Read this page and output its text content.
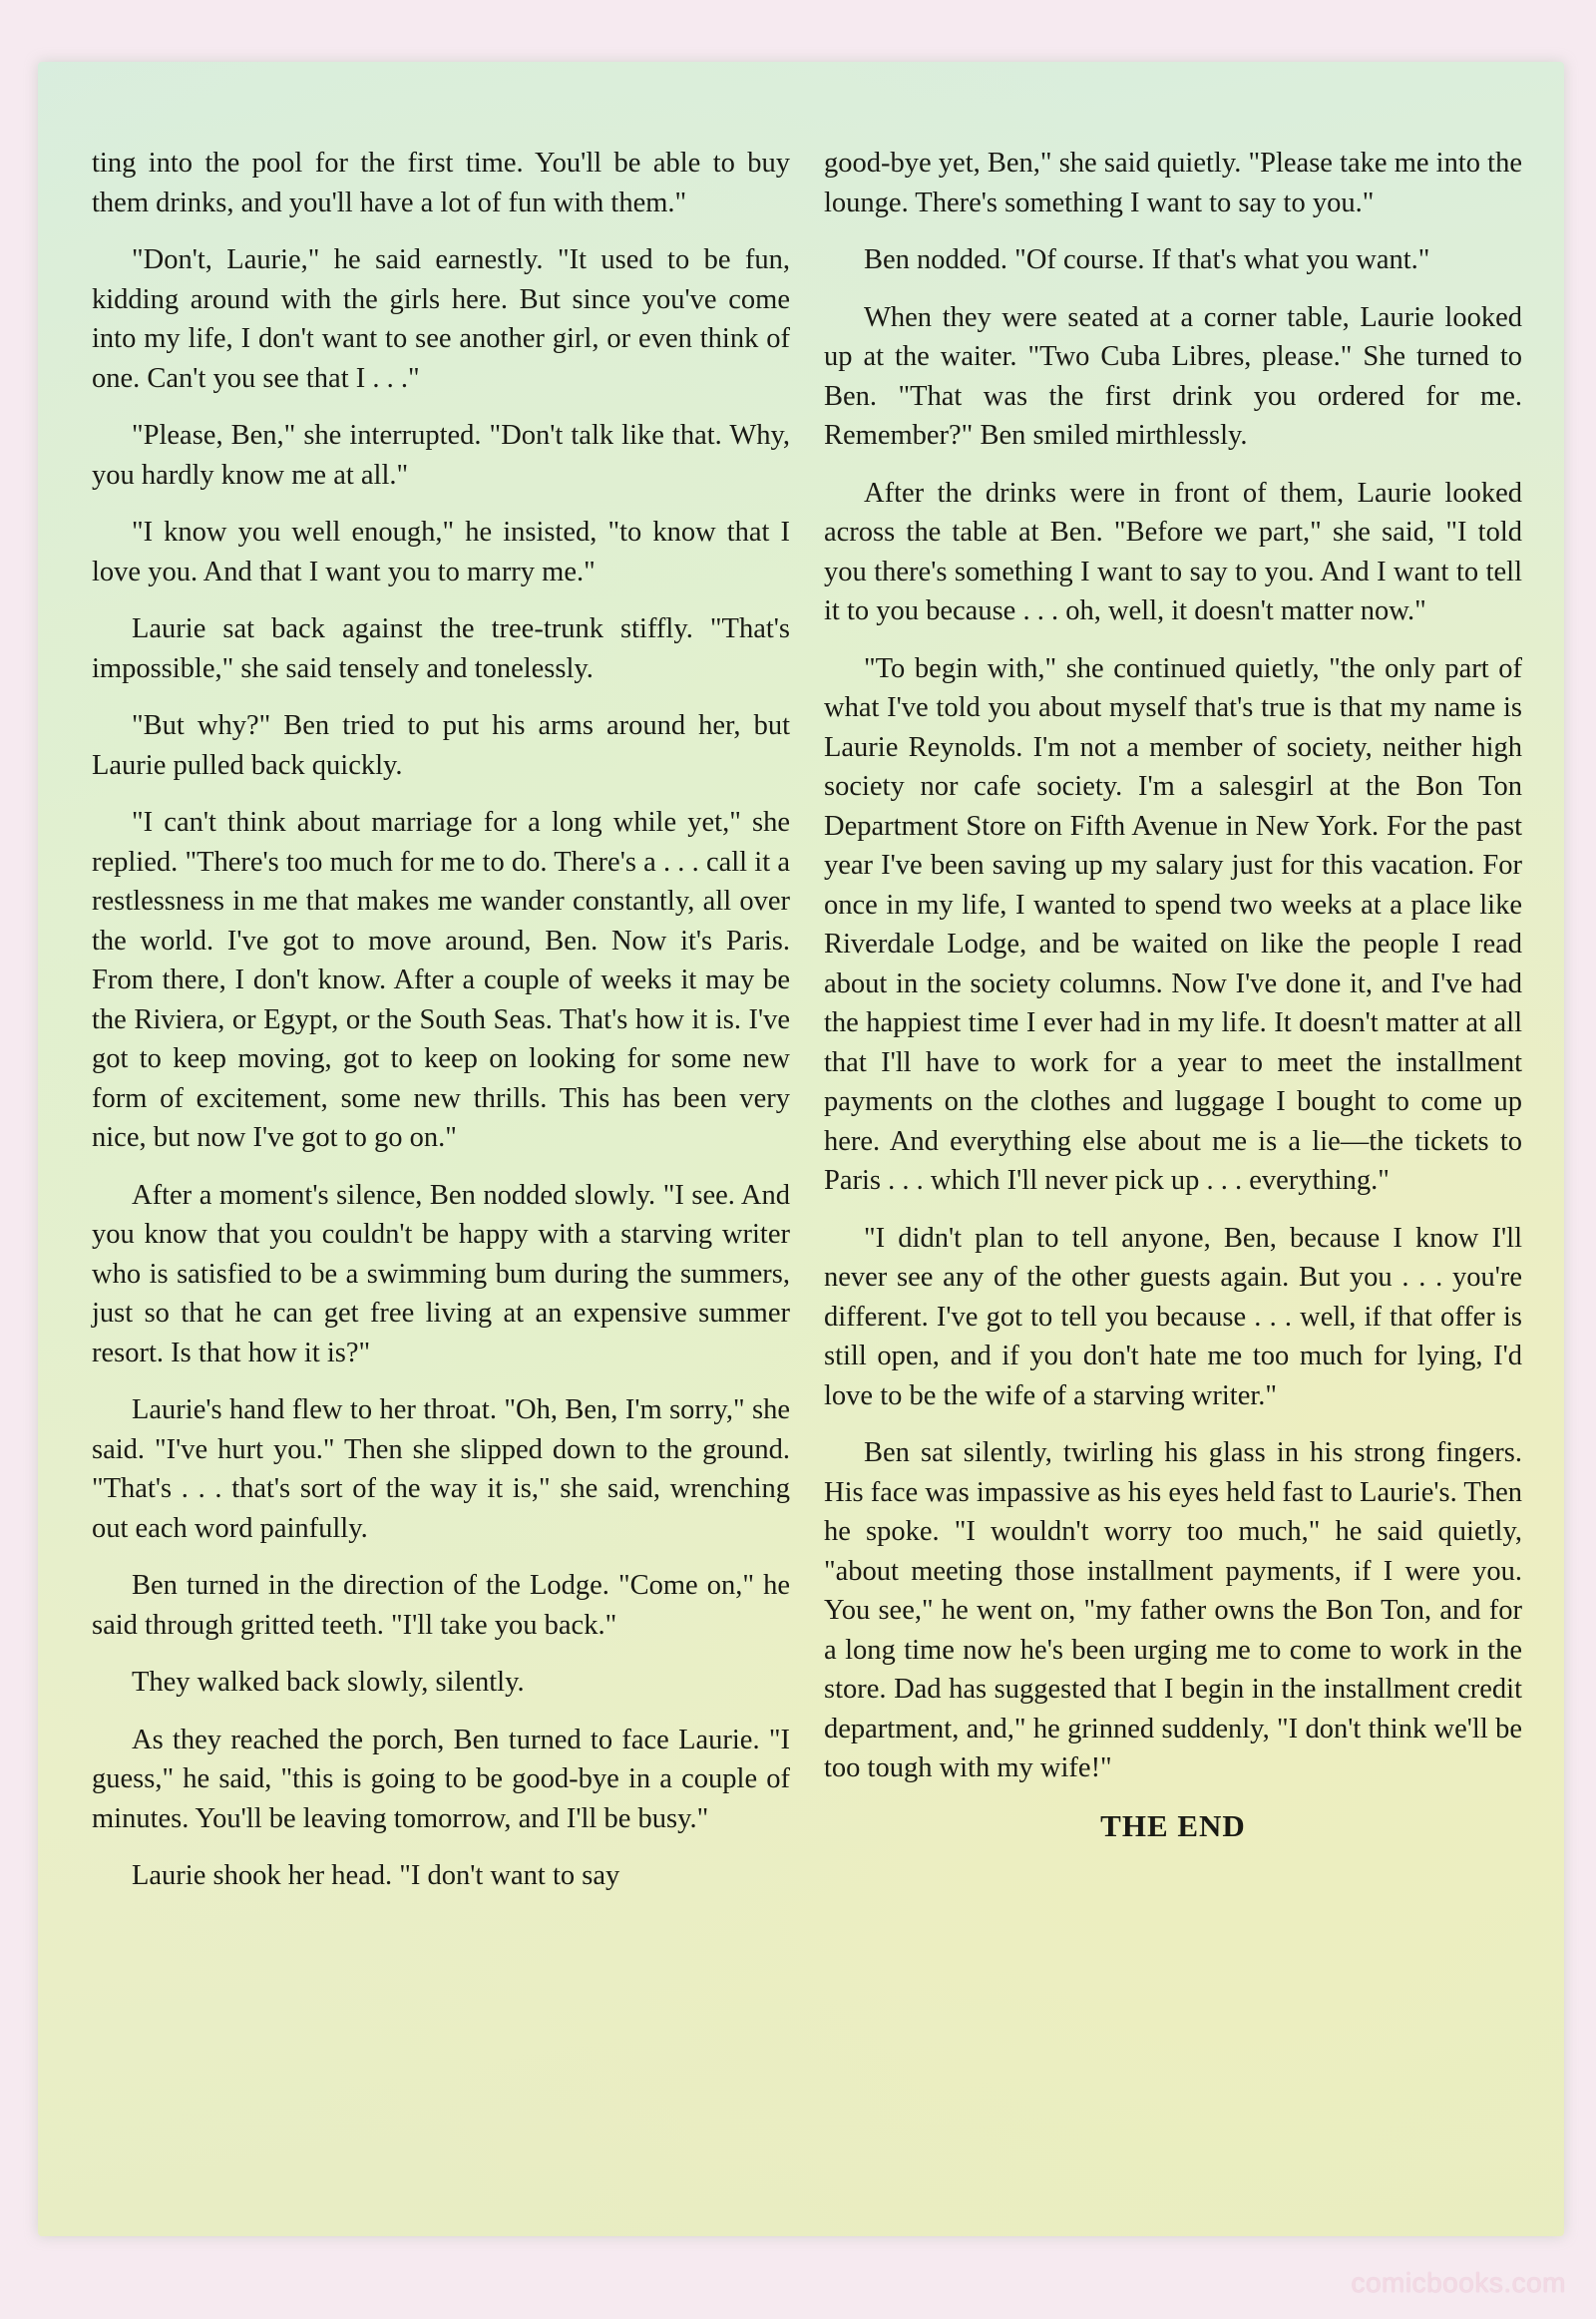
ting into the pool for the first time. You'll be able to buy them drinks, and you'll have a lot of fun with them."

"Don't, Laurie," he said earnestly. "It used to be fun, kidding around with the girls here. But since you've come into my life, I don't want to see another girl, or even think of one. Can't you see that I . . ."

"Please, Ben," she interrupted. "Don't talk like that. Why, you hardly know me at all."

"I know you well enough," he insisted, "to know that I love you. And that I want you to marry me."

Laurie sat back against the tree-trunk stiffly. "That's impossible," she said tensely and tonelessly.

"But why?" Ben tried to put his arms around her, but Laurie pulled back quickly.

"I can't think about marriage for a long while yet," she replied. "There's too much for me to do. There's a . . . call it a restlessness in me that makes me wander constantly, all over the world. I've got to move around, Ben. Now it's Paris. From there, I don't know. After a couple of weeks it may be the Riviera, or Egypt, or the South Seas. That's how it is. I've got to keep moving, got to keep on looking for some new form of excitement, some new thrills. This has been very nice, but now I've got to go on."

After a moment's silence, Ben nodded slowly. "I see. And you know that you couldn't be happy with a starving writer who is satisfied to be a swimming bum during the summers, just so that he can get free living at an expensive summer resort. Is that how it is?"

Laurie's hand flew to her throat. "Oh, Ben, I'm sorry," she said. "I've hurt you." Then she slipped down to the ground. "That's . . . that's sort of the way it is," she said, wrenching out each word painfully.

Ben turned in the direction of the Lodge. "Come on," he said through gritted teeth. "I'll take you back."

They walked back slowly, silently.

As they reached the porch, Ben turned to face Laurie. "I guess," he said, "this is going to be good-bye in a couple of minutes. You'll be leaving tomorrow, and I'll be busy."

Laurie shook her head. "I don't want to say

good-bye yet, Ben," she said quietly. "Please take me into the lounge. There's something I want to say to you."

Ben nodded. "Of course. If that's what you want."

When they were seated at a corner table, Laurie looked up at the waiter. "Two Cuba Libres, please." She turned to Ben. "That was the first drink you ordered for me. Remember?" Ben smiled mirthlessly.

After the drinks were in front of them, Laurie looked across the table at Ben. "Before we part," she said, "I told you there's something I want to say to you. And I want to tell it to you because . . . oh, well, it doesn't matter now."

"To begin with," she continued quietly, "the only part of what I've told you about myself that's true is that my name is Laurie Reynolds. I'm not a member of society, neither high society nor cafe society. I'm a salesgirl at the Bon Ton Department Store on Fifth Avenue in New York. For the past year I've been saving up my salary just for this vacation. For once in my life, I wanted to spend two weeks at a place like Riverdale Lodge, and be waited on like the people I read about in the society columns. Now I've done it, and I've had the happiest time I ever had in my life. It doesn't matter at all that I'll have to work for a year to meet the installment payments on the clothes and luggage I bought to come up here. And everything else about me is a lie—the tickets to Paris . . . which I'll never pick up . . . everything."

"I didn't plan to tell anyone, Ben, because I know I'll never see any of the other guests again. But you . . . you're different. I've got to tell you because . . . well, if that offer is still open, and if you don't hate me too much for lying, I'd love to be the wife of a starving writer."

Ben sat silently, twirling his glass in his strong fingers. His face was impassive as his eyes held fast to Laurie's. Then he spoke. "I wouldn't worry too much," he said quietly, "about meeting those installment payments, if I were you. You see," he went on, "my father owns the Bon Ton, and for a long time now he's been urging me to come to work in the store. Dad has suggested that I begin in the installment credit department, and," he grinned suddenly, "I don't think we'll be too tough with my wife!"

THE END
comicbooks.com
